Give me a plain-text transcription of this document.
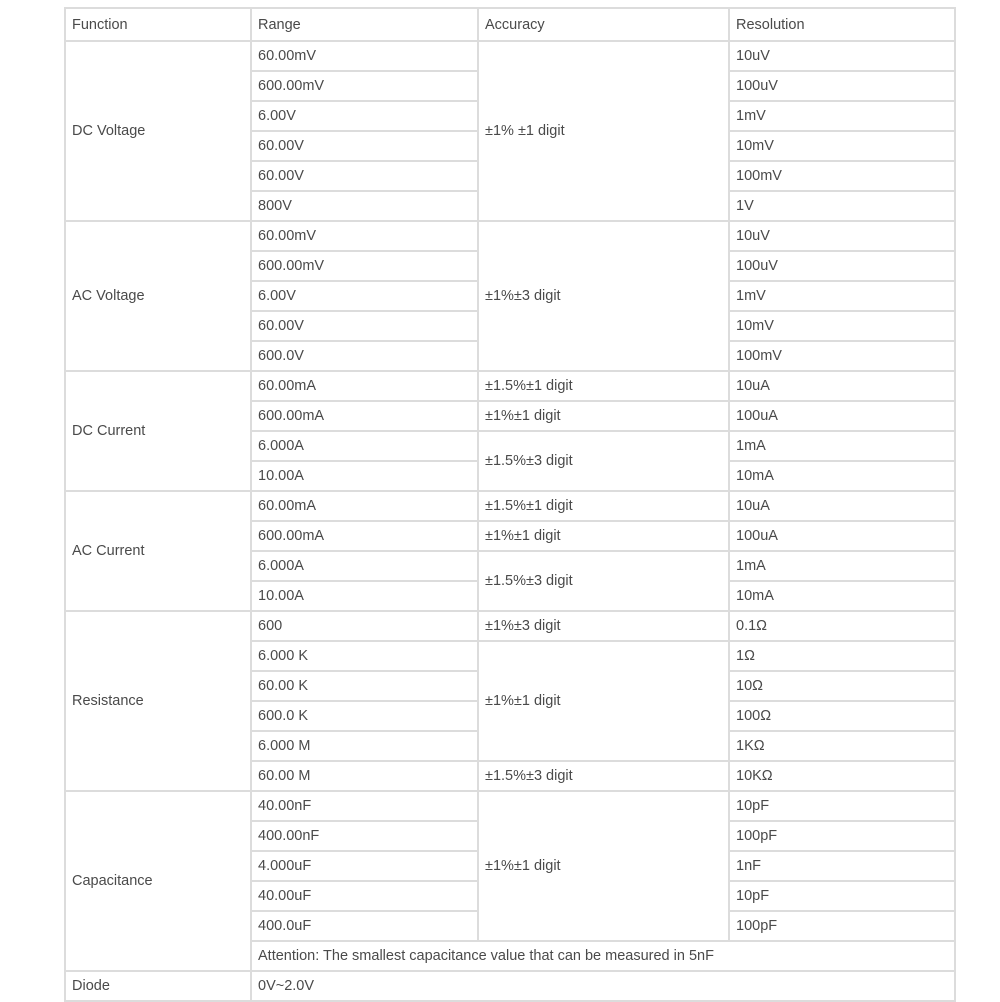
Function	Range	Accuracy	Resolution
DC Voltage	60.00mV	±1% ±1 digit	10uV
	600.00mV		100uV
	6.00V		1mV
	60.00V		10mV
	60.00V		100mV
	800V		1V
AC Voltage	60.00mV	±1%±3 digit	10uV
	600.00mV		100uV
	6.00V		1mV
	60.00V		10mV
	600.0V		100mV
DC Current	60.00mA	±1.5%±1 digit	10uA
	600.00mA	±1%±1 digit	100uA
	6.000A	±1.5%±3 digit	1mA
	10.00A		10mA
AC Current	60.00mA	±1.5%±1 digit	10uA
	600.00mA	±1%±1 digit	100uA
	6.000A	±1.5%±3 digit	1mA
	10.00A		10mA
Resistance	600	±1%±3 digit	0.1Ω
	6.000 K	±1%±1 digit	1Ω
	60.00 K		10Ω
	600.0 K		100Ω
	6.000 M		1KΩ
	60.00 M	±1.5%±3 digit	10KΩ
Capacitance	40.00nF	±1%±1 digit	10pF
	400.00nF		100pF
	4.000uF		1nF
	40.00uF		10pF
	400.0uF		100pF
	Attention: The smallest capacitance value that can be measured in 5nF		
Diode	0V~2.0V		
